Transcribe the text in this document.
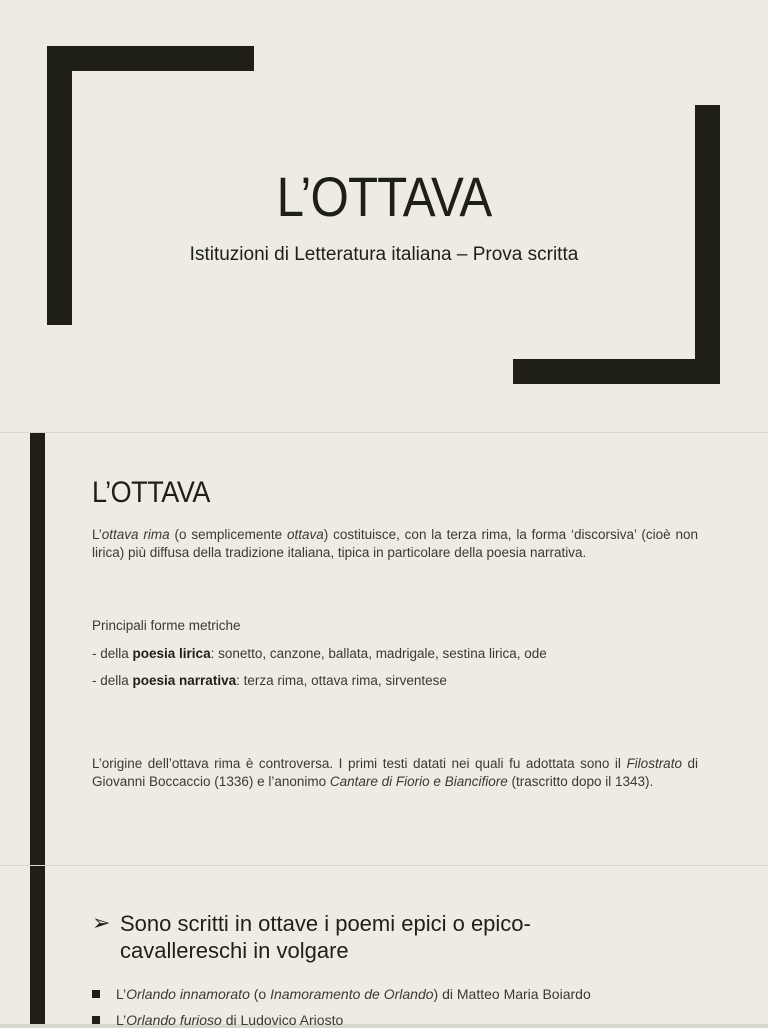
L’OTTAVA

Istituzioni di Letteratura italiana – Prova scritta

L’OTTAVA

L’ottava rima (o semplicemente ottava) costituisce, con la terza rima, la forma ‘discorsiva’ (cioè non lirica) più diffusa della tradizione italiana, tipica in particolare della poesia narrativa.

Principali forme metriche

- della poesia lirica: sonetto, canzone, ballata, madrigale, sestina lirica, ode

- della poesia narrativa: terza rima, ottava rima, sirventese

L’origine dell’ottava rima è controversa. I primi testi datati nei quali fu adottata sono il Filostrato di Giovanni Boccaccio (1336) e l’anonimo Cantare di Fiorio e Biancifiore (trascritto dopo il 1343).

➢ Sono scritti in ottave i poemi epici o epico-cavallereschi in volgare

L’Orlando innamorato (o Inamoramento de Orlando) di Matteo Maria Boiardo
L’Orlando furioso di Ludovico Ariosto
